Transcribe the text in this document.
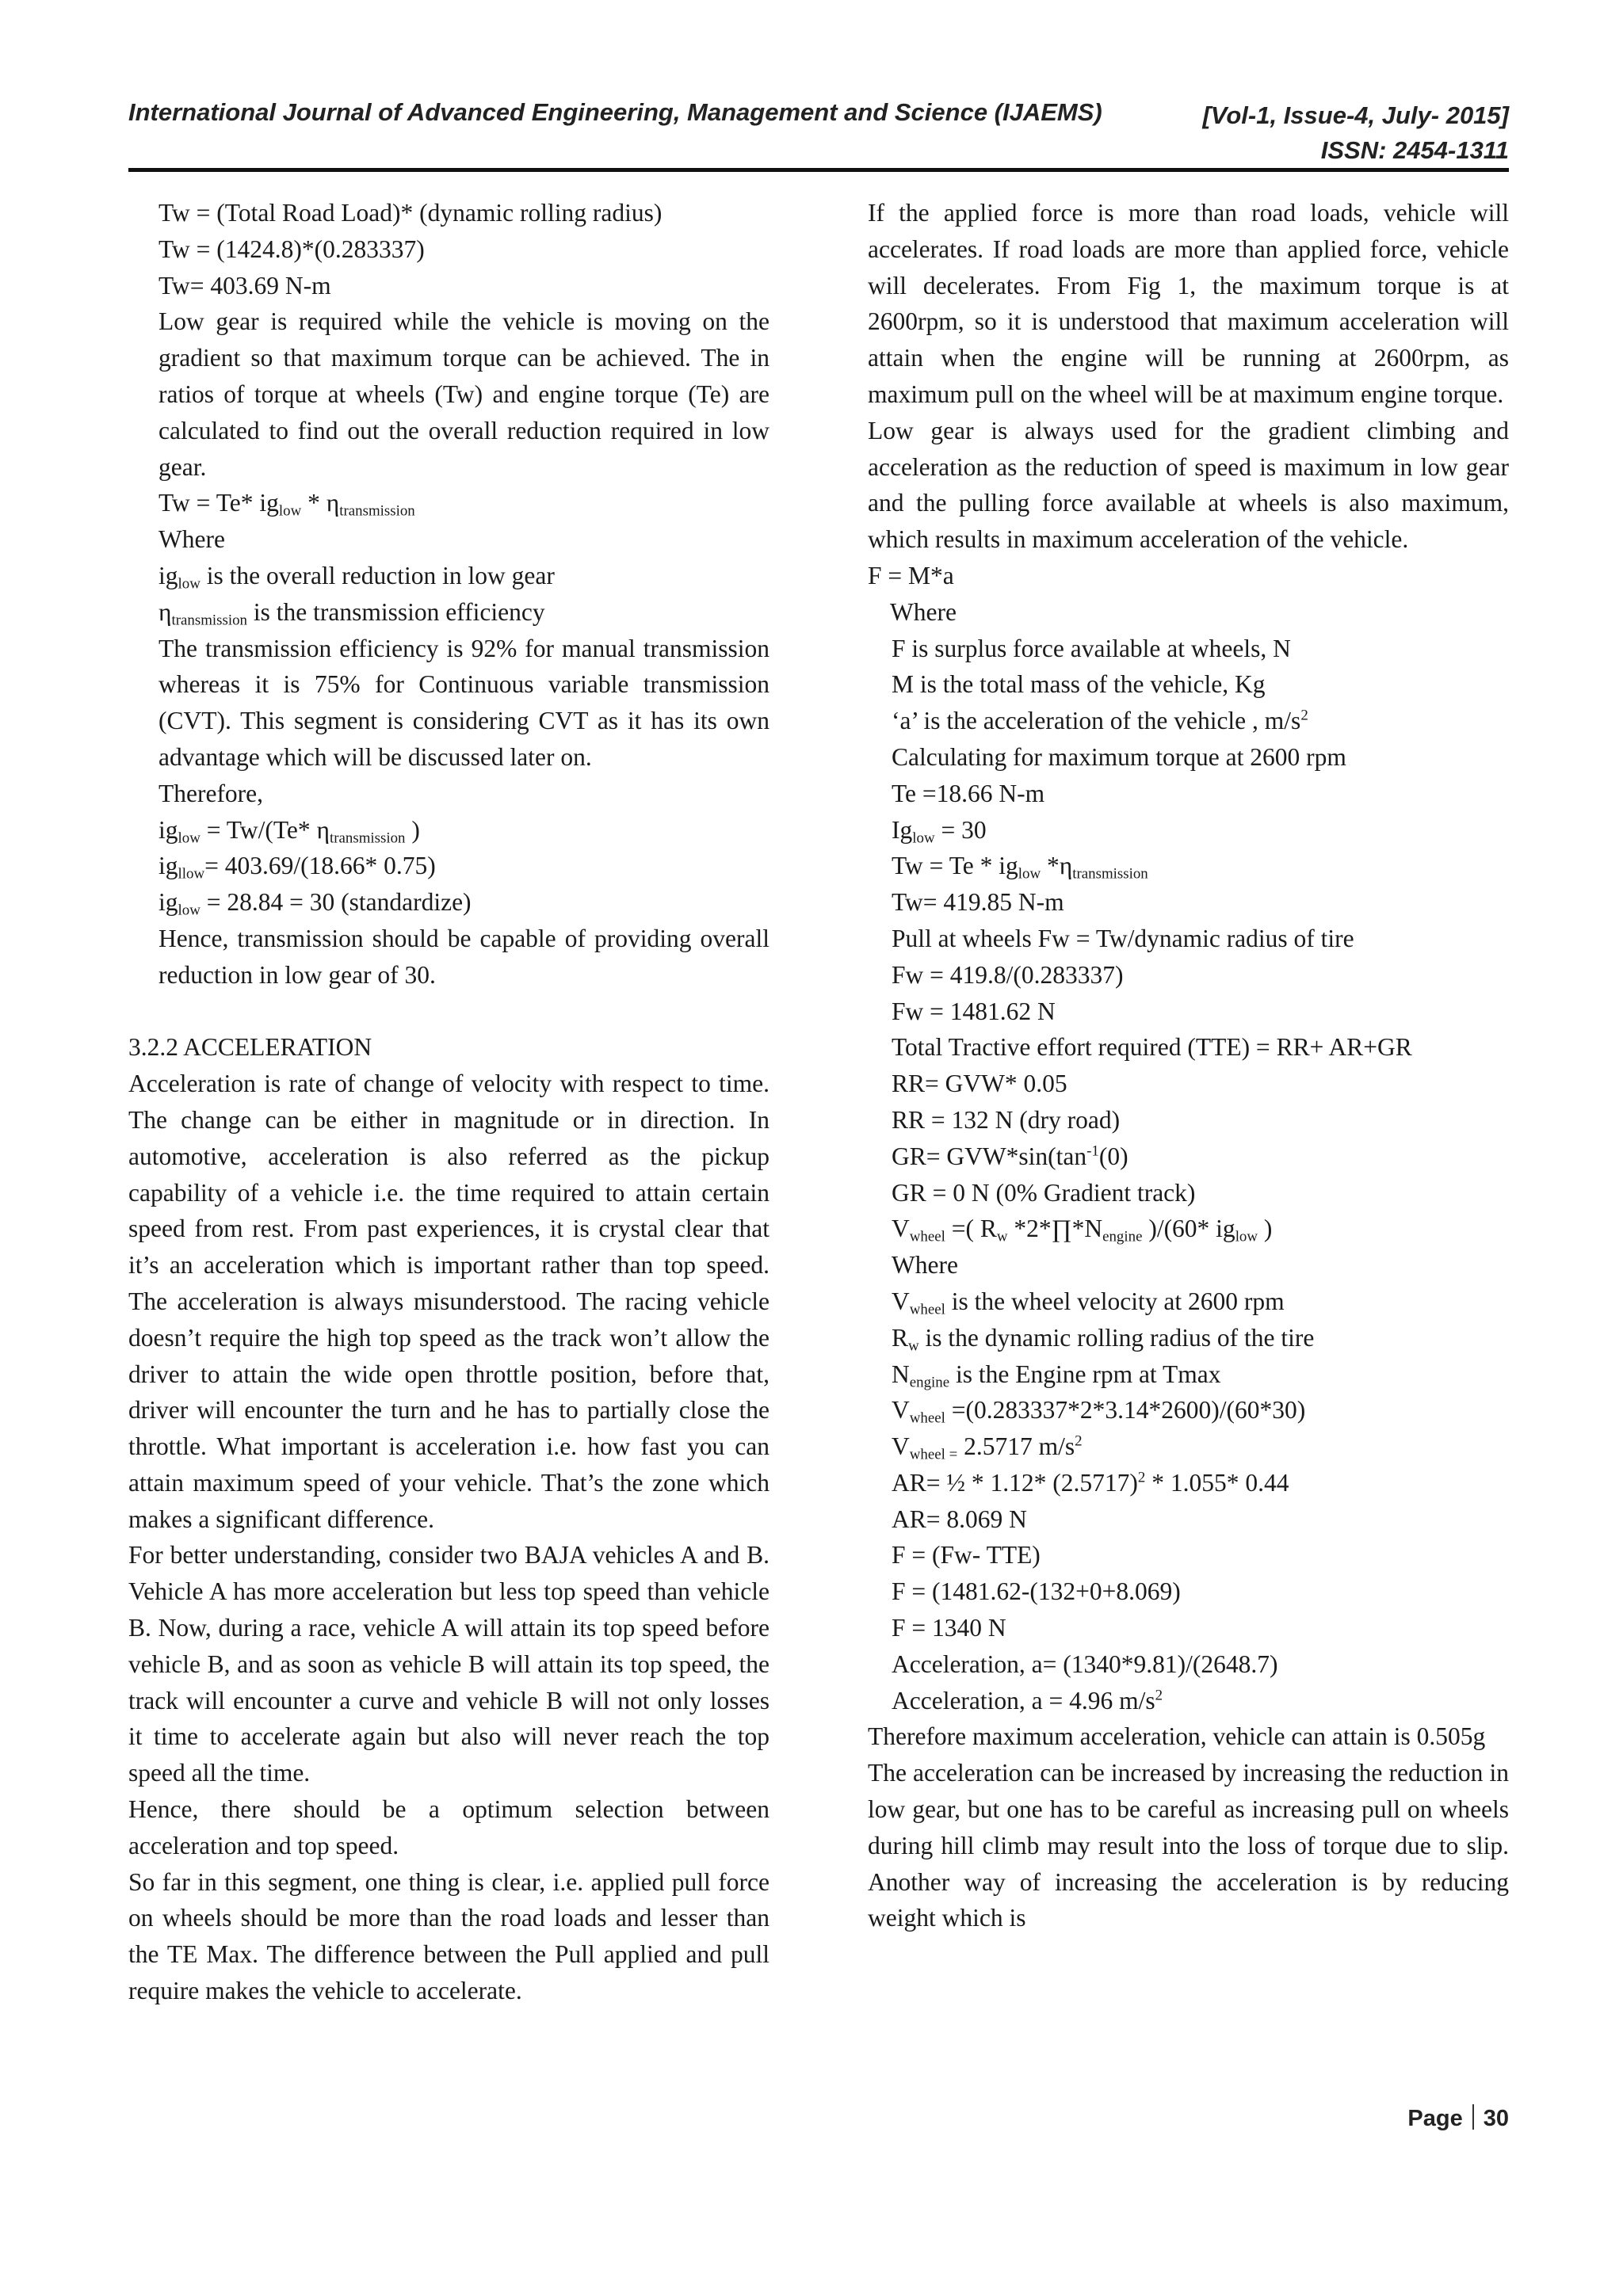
International Journal of Advanced Engineering, Management and Science (IJAEMS)	[Vol-1, Issue-4, July- 2015]
ISSN: 2454-1311
Tw = (Total Road Load)* (dynamic rolling radius)
Tw = (1424.8)*(0.283337)
Tw= 403.69 N-m

Low gear is required while the vehicle is moving on the gradient so that maximum torque can be achieved. The in ratios of torque at wheels (Tw) and engine torque (Te) are calculated to find out the overall reduction required in low gear.

Tw = Te* $ig_{low} * \eta_{transmission}$
Where
$ig_{low}$ is the overall reduction in low gear
$\eta_{transmission}$ is the transmission efficiency

The transmission efficiency is 92% for manual transmission whereas it is 75% for Continuous variable transmission (CVT). This segment is considering CVT as it has its own advantage which will be discussed later on.

Therefore,
$ig_{low} = Tw/(Te*$ $\eta_{transmission}$ )
$ig_{llow}= 403.69/(18.66*$ 0.75)
$ig_{low} = 28.84 = 30$ (standardize)

Hence, transmission should be capable of providing overall reduction in low gear of 30.

3.2.2 ACCELERATION

Acceleration is rate of change of velocity with respect to time. The change can be either in magnitude or in direction. In automotive, acceleration is also referred as the pickup capability of a vehicle i.e. the time required to attain certain speed from rest. From past experiences, it is crystal clear that it’s an acceleration which is important rather than top speed. The acceleration is always misunderstood. The racing vehicle doesn’t require the high top speed as the track won’t allow the driver to attain the wide open throttle position, before that, driver will encounter the turn and he has to partially close the throttle. What important is acceleration i.e. how fast you can attain maximum speed of your vehicle. That’s the zone which makes a significant difference.

For better understanding, consider two BAJA vehicles A and B. Vehicle A has more acceleration but less top speed than vehicle B. Now, during a race, vehicle A will attain its top speed before vehicle B, and as soon as vehicle B will attain its top speed, the track will encounter a curve and vehicle B will not only losses it time to accelerate again but also will never reach the top speed all the time.

Hence, there should be a optimum selection between acceleration and top speed.

So far in this segment, one thing is clear, i.e. applied pull force on wheels should be more than the road loads and lesser than the TE Max. The difference between the Pull applied and pull require makes the vehicle to accelerate.

If the applied force is more than road loads, vehicle will accelerates. If road loads are more than applied force, vehicle will decelerates. From Fig 1, the maximum torque is at 2600rpm, so it is understood that maximum acceleration will attain when the engine will be running at 2600rpm, as maximum pull on the wheel will be at maximum engine torque.

Low gear is always used for the gradient climbing and acceleration as the reduction of speed is maximum in low gear and the pulling force available at wheels is also maximum, which results in maximum acceleration of the vehicle.

F = M*a
Where
F is surplus force available at wheels, N
M is the total mass of the vehicle, Kg
‘a’ is the acceleration of the vehicle , $m/s^2$
Calculating for maximum torque at 2600 rpm
Te =18.66 N-m
$Ig_{low} = 30$
$Tw = Te * ig_{low}$ $*\eta_{transmission}$
Tw= 419.85 N-m
Pull at wheels Fw = Tw/dynamic radius of tire
Fw = 419.8/(0.283337)
Fw = 1481.62 N
Total Tractive effort required (TTE) = RR+ AR+GR
RR= GVW* 0.05
RR = 132 N (dry road)
$GR= GVW*\sin(\tan^{-1}(0)$
GR = 0 N (0% Gradient track)
$V_{wheel}$ =( $R_w$ $*2*\prod*N_{engine}$ )/(60* $ig_{low}$ )
Where
$V_{wheel}$ is the wheel velocity at 2600 rpm
$R_w$ is the dynamic rolling radius of the tire
$N_{engine}$ is the Engine rpm at Tmax
$V_{wheel} =(0.283337*2*3.14*2600)/(60*30)$
$V_{wheel =}$ 2.5717 $m/s^2$
AR= ½ * 1.12* $(2.5717)^2 * 1.055*$ 0.44
AR= 8.069 N
F = (Fw- TTE)
F = (1481.62-(132+0+8.069)
F = 1340 N
Acceleration, a= (1340*9.81)/(2648.7)
Acceleration, a = 4.96 $m/s^2$

Therefore maximum acceleration, vehicle can attain is 0.505g

The acceleration can be increased by increasing the reduction in low gear, but one has to be careful as increasing pull on wheels during hill climb may result into the loss of torque due to slip. Another way of increasing the acceleration is by reducing weight which is

Page 30
